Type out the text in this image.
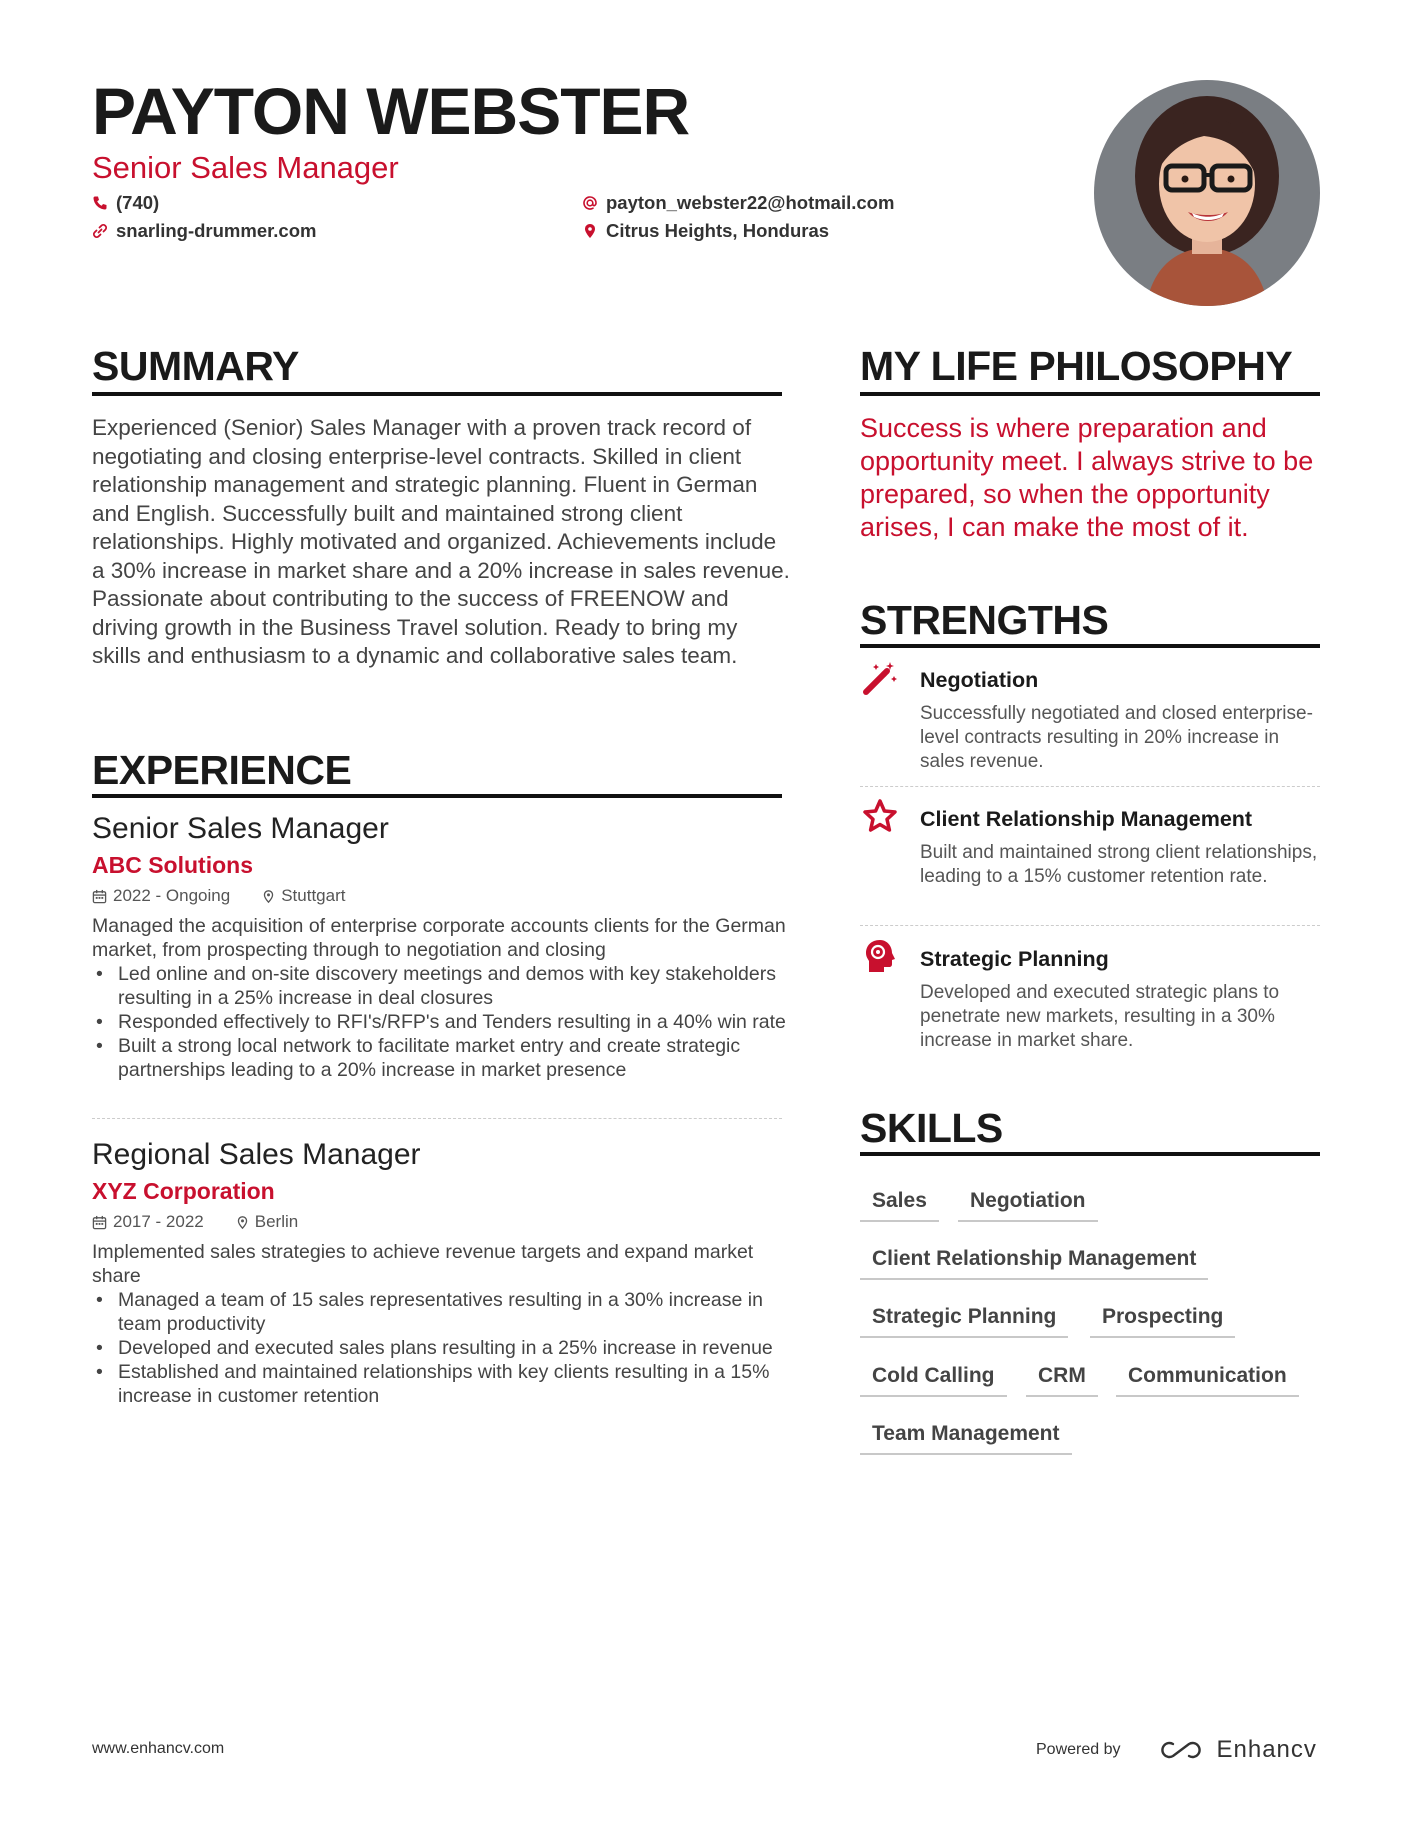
PAYTON WEBSTER
Senior Sales Manager
(740)
snarling-drummer.com
payton_webster22@hotmail.com
Citrus Heights, Honduras
SUMMARY

Experienced (Senior) Sales Manager with a proven track record of negotiating and closing enterprise-level contracts. Skilled in client relationship management and strategic planning. Fluent in German and English. Successfully built and maintained strong client relationships. Highly motivated and organized. Achievements include a 30% increase in market share and a 20% increase in sales revenue. Passionate about contributing to the success of FREENOW and driving growth in the Business Travel solution. Ready to bring my skills and enthusiasm to a dynamic and collaborative sales team.

EXPERIENCE
Senior Sales Manager
ABC Solutions
2022 - Ongoing	Stuttgart

Managed the acquisition of enterprise corporate accounts clients for the German market, from prospecting through to negotiation and closing

• Led online and on-site discovery meetings and demos with key stakeholders resulting in a 25% increase in deal closures
• Responded effectively to RFI's/RFP's and Tenders resulting in a 40% win rate
• Built a strong local network to facilitate market entry and create strategic partnerships leading to a 20% increase in market presence
Regional Sales Manager
XYZ Corporation
2017 - 2022	Berlin

Implemented sales strategies to achieve revenue targets and expand market share

• Managed a team of 15 sales representatives resulting in a 30% increase in team productivity
• Developed and executed sales plans resulting in a 25% increase in revenue
• Established and maintained relationships with key clients resulting in a 15% increase in customer retention
MY LIFE PHILOSOPHY

Success is where preparation and opportunity meet. I always strive to be prepared, so when the opportunity arises, I can make the most of it.

STRENGTHS
Negotiation

Successfully negotiated and closed enterprise-level contracts resulting in 20% increase in sales revenue.

Client Relationship Management

Built and maintained strong client relationships, leading to a 15% customer retention rate.

Strategic Planning

Developed and executed strategic plans to penetrate new markets, resulting in a 30% increase in market share.

SKILLS
Sales	Negotiation
Client Relationship Management
Strategic Planning	Prospecting
Cold Calling	CRM	Communication
Team Management
www.enhancv.com	Powered by	Enhancv
